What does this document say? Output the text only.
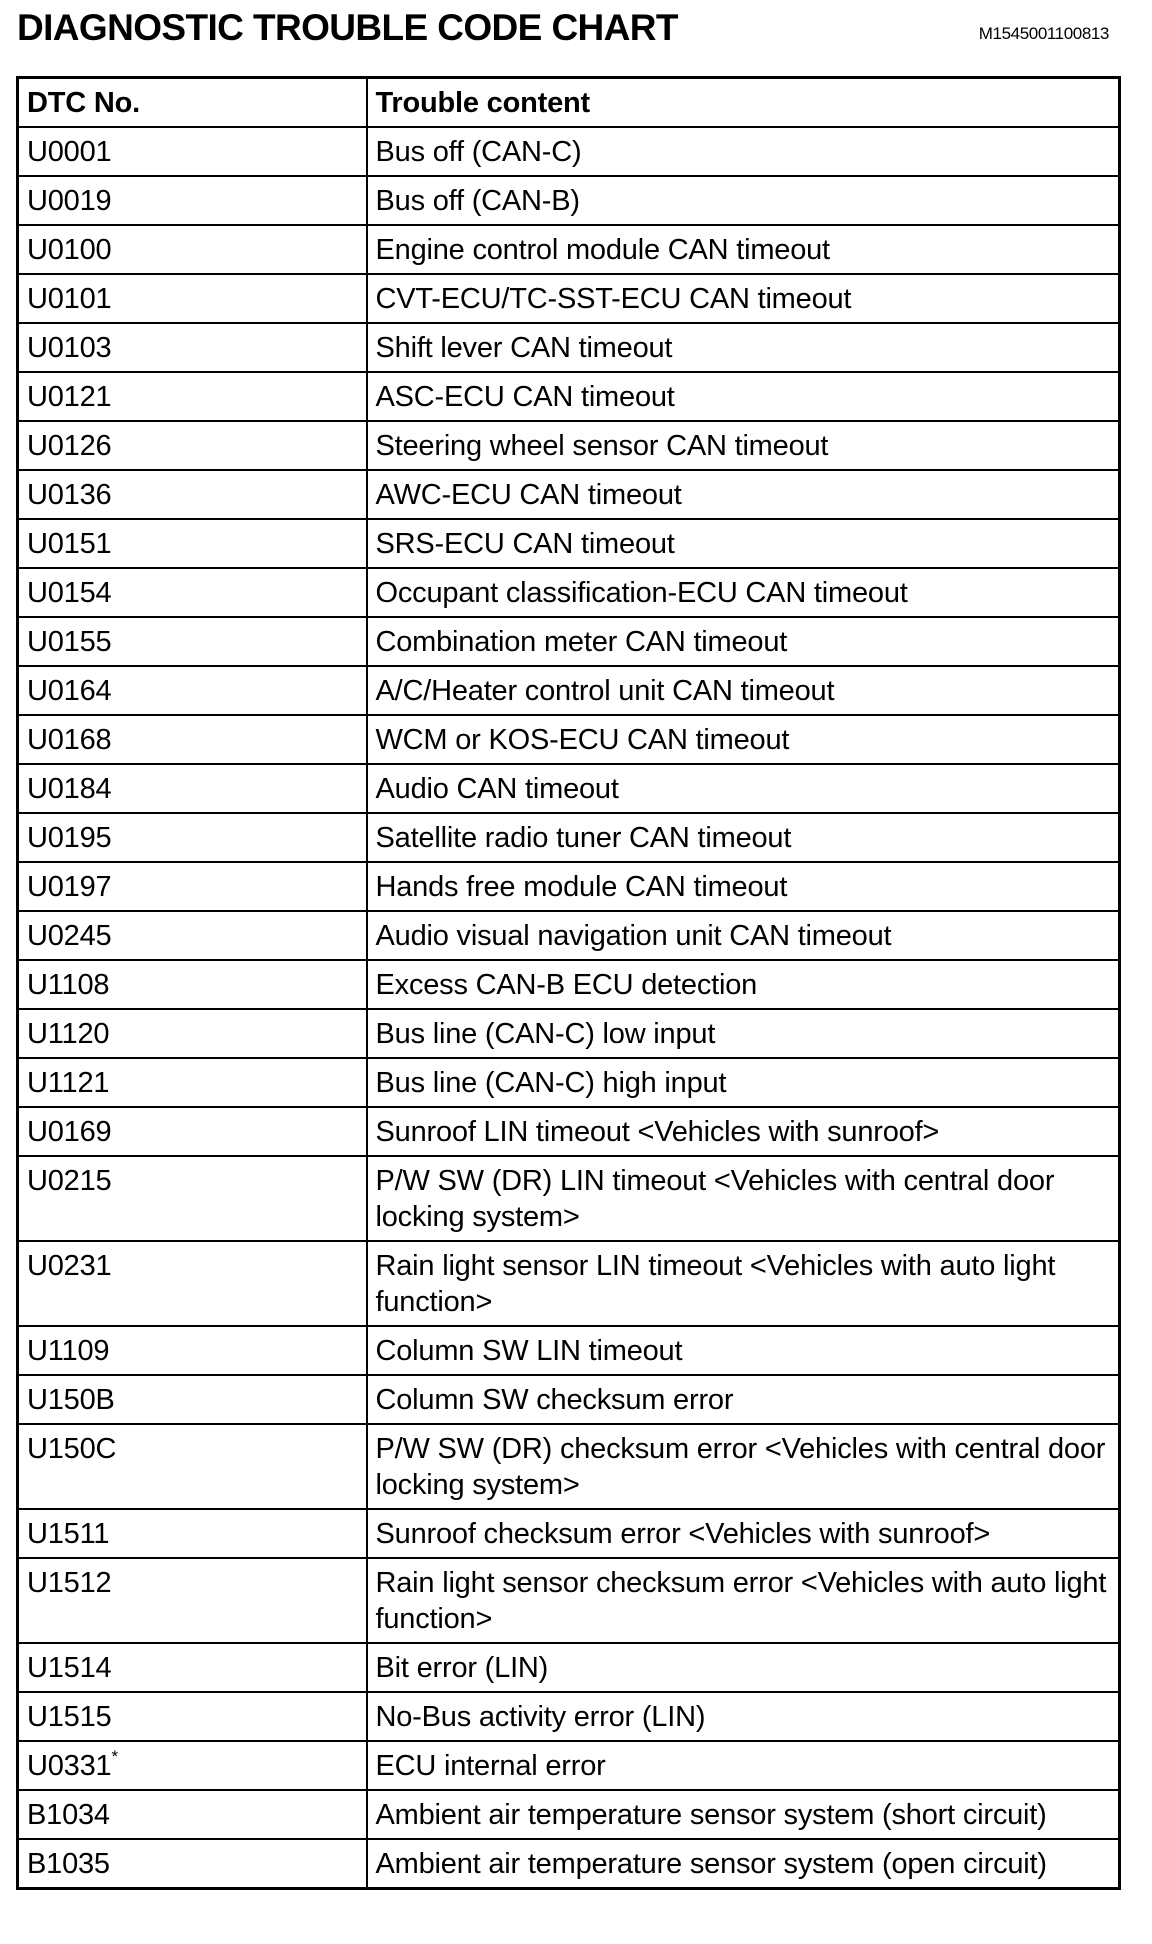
DIAGNOSTIC TROUBLE CODE CHART	M1545001100813
DTC No.	Trouble content
U0001	Bus off (CAN-C)
U0019	Bus off (CAN-B)
U0100	Engine control module CAN timeout
U0101	CVT-ECU/TC-SST-ECU CAN timeout
U0103	Shift lever CAN timeout
U0121	ASC-ECU CAN timeout
U0126	Steering wheel sensor CAN timeout
U0136	AWC-ECU CAN timeout
U0151	SRS-ECU CAN timeout
U0154	Occupant classification-ECU CAN timeout
U0155	Combination meter CAN timeout
U0164	A/C/Heater control unit CAN timeout
U0168	WCM or KOS-ECU CAN timeout
U0184	Audio CAN timeout
U0195	Satellite radio tuner CAN timeout
U0197	Hands free module CAN timeout
U0245	Audio visual navigation unit CAN timeout
U1108	Excess CAN-B ECU detection
U1120	Bus line (CAN-C) low input
U1121	Bus line (CAN-C) high input
U0169	Sunroof LIN timeout <Vehicles with sunroof>
U0215	P/W SW (DR) LIN timeout <Vehicles with central door locking system>
U0231	Rain light sensor LIN timeout <Vehicles with auto light function>
U1109	Column SW LIN timeout
U150B	Column SW checksum error
U150C	P/W SW (DR) checksum error <Vehicles with central door locking system>
U1511	Sunroof checksum error <Vehicles with sunroof>
U1512	Rain light sensor checksum error <Vehicles with auto light function>
U1514	Bit error (LIN)
U1515	No-Bus activity error (LIN)
U0331*	ECU internal error
B1034	Ambient air temperature sensor system (short circuit)
B1035	Ambient air temperature sensor system (open circuit)
